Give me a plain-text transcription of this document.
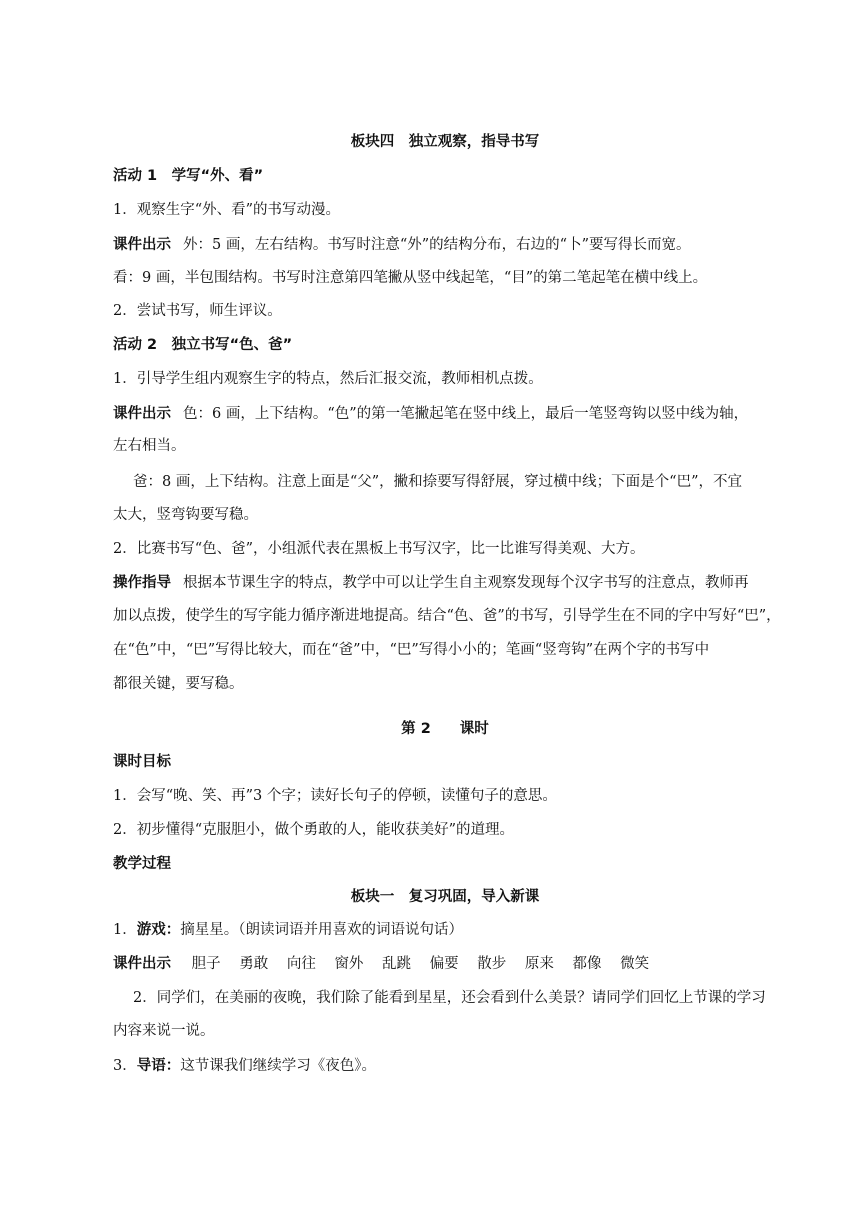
板块四　独立观察，指导书写
活动 1　学写“外、看”
1．观察生字“外、看”的书写动漫。
课件出示 外：5 画，左右结构。书写时注意“外”的结构分布，右边的“卜”要写得长而宽。
看：9 画，半包围结构。书写时注意第四笔撇从竖中线起笔，“目”的第二笔起笔在横中线上。
2．尝试书写，师生评议。
活动 2　独立书写“色、爸”
1．引导学生组内观察生字的特点，然后汇报交流，教师相机点拨。
课件出示 色：6 画，上下结构。“色”的第一笔撇起笔在竖中线上，最后一笔竖弯钩以竖中线为轴，
左右相当。
爸：8 画，上下结构。注意上面是“父”，撇和捺要写得舒展，穿过横中线；下面是个“巴”，不宜
太大，竖弯钩要写稳。
2．比赛书写“色、爸”，小组派代表在黑板上书写汉字，比一比谁写得美观、大方。
操作指导 根据本节课生字的特点，教学中可以让学生自主观察发现每个汉字书写的注意点，教师再
加以点拨，使学生的写字能力循序渐进地提高。结合“色、爸”的书写，引导学生在不同的字中写好“巴”，
在“色”中，“巴”写得比较大，而在“爸”中，“巴”写得小小的；笔画“竖弯钩”在两个字的书写中
都很关键，要写稳。
第 2　　课时
课时目标
1．会写“晚、笑、再”3 个字；读好长句子的停顿，读懂句子的意思。
2．初步懂得“克服胆小，做个勇敢的人，能收获美好”的道理。
教学过程
板块一　复习巩固，导入新课
1．游戏：摘星星。（朗读词语并用喜欢的词语说句话）
课件出示 胆子 勇敢 向往 窗外 乱跳 偏要 散步 原来 都像 微笑
2．同学们，在美丽的夜晚，我们除了能看到星星，还会看到什么美景？请同学们回忆上节课的学习
内容来说一说。
3．导语：这节课我们继续学习《夜色》。
